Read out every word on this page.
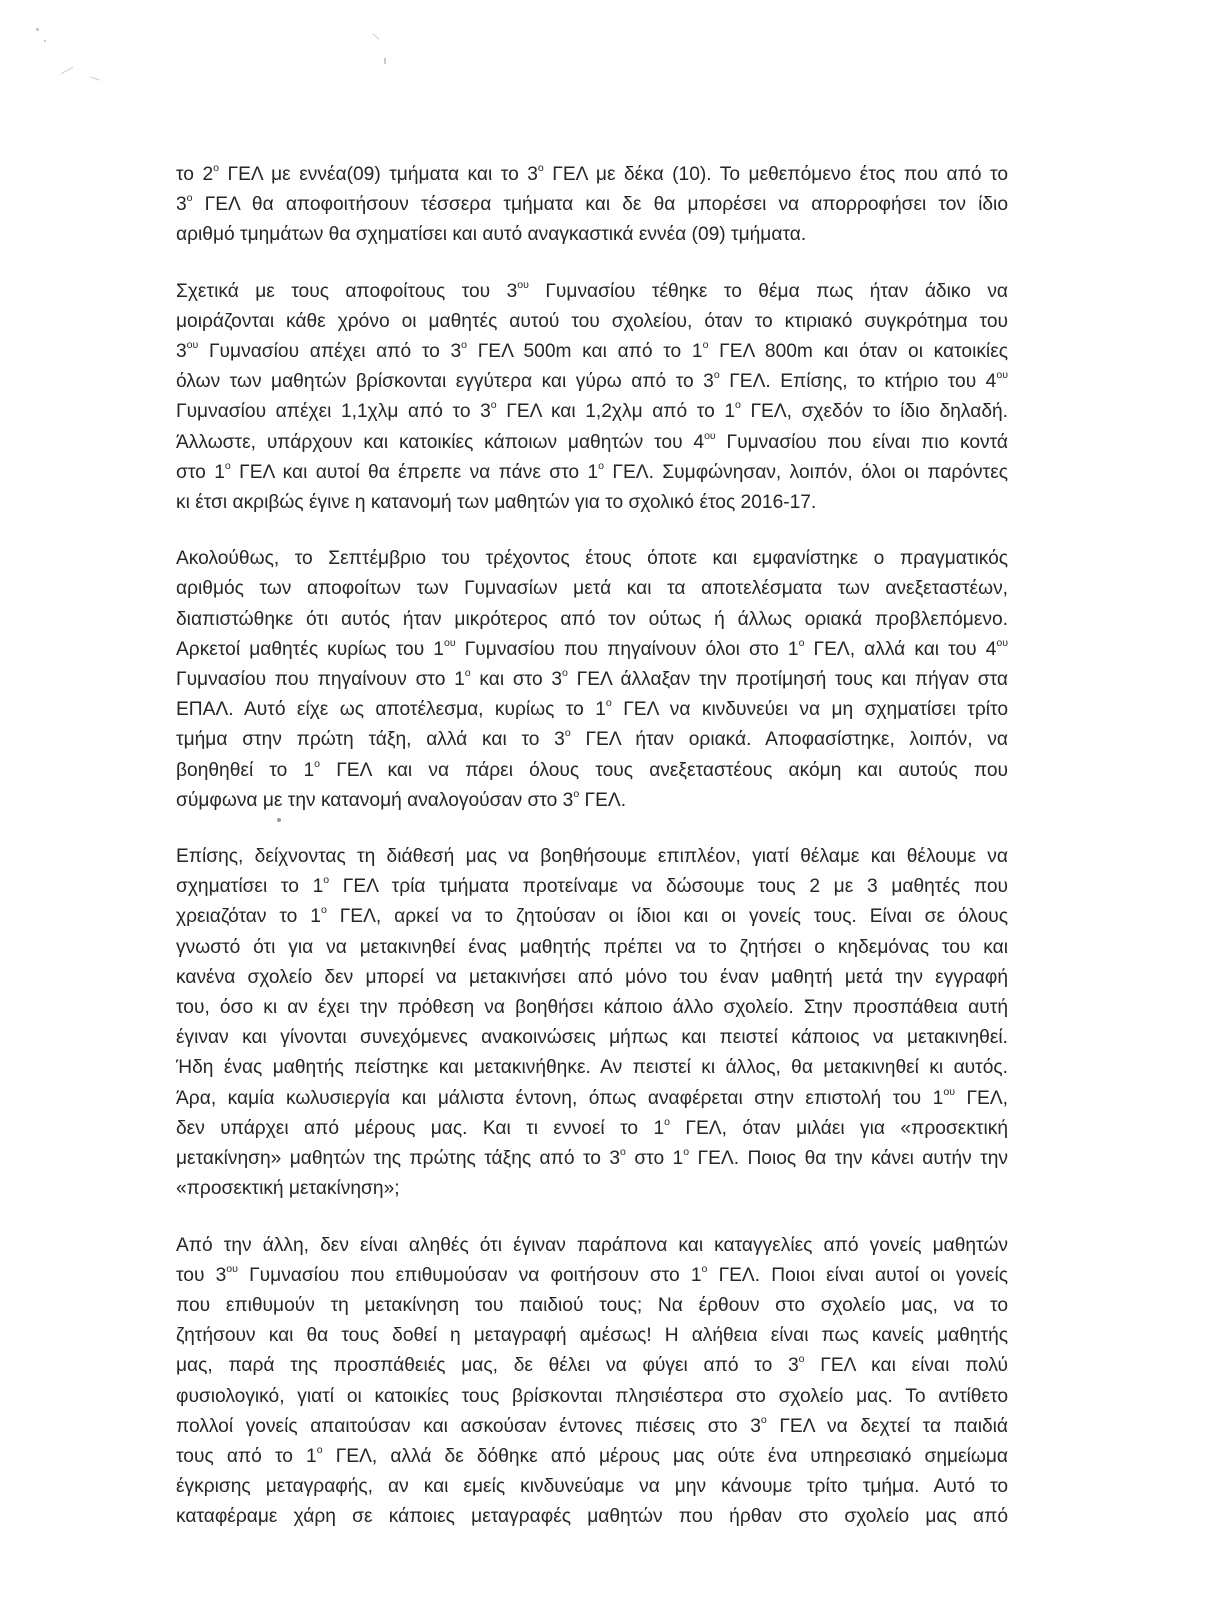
το $2^o$ ΓΕΛ με εννέα(09) τμήματα και το $3^o$ ΓΕΛ με δέκα (10). Το μεθεπόμενο έτος που από το
$3^o$ ΓΕΛ θα αποφοιτήσουν τέσσερα τμήματα και δε θα μπορέσει να απορροφήσει τον ίδιο
αριθμό τμημάτων θα σχηματίσει και αυτό αναγκαστικά εννέα (09) τμήματα.

Σχετικά με τους αποφοίτους του $3^{o\upsilon}$ Γυμνασίου τέθηκε το θέμα πως ήταν άδικο να
μοιράζονται κάθε χρόνο οι μαθητές αυτού του σχολείου, όταν το κτιριακό συγκρότημα του
$3^{o\upsilon}$ Γυμνασίου απέχει από το $3^o$ ΓΕΛ 500m και από το $1^o$ ΓΕΛ 800m και όταν οι κατοικίες
όλων των μαθητών βρίσκονται εγγύτερα και γύρω από το $3^o$ ΓΕΛ. Επίσης, το κτήριο του $4^{o\upsilon}$
Γυμνασίου απέχει 1,1χλμ από το $3^o$ ΓΕΛ και 1,2χλμ από το $1^o$ ΓΕΛ, σχεδόν το ίδιο δηλαδή.
Άλλωστε, υπάρχουν και κατοικίες κάποιων μαθητών του $4^{o\upsilon}$ Γυμνασίου που είναι πιο κοντά
στο $1^o$ ΓΕΛ και αυτοί θα έπρεπε να πάνε στο $1^o$ ΓΕΛ. Συμφώνησαν, λοιπόν, όλοι οι παρόντες
κι έτσι ακριβώς έγινε η κατανομή των μαθητών για το σχολικό έτος 2016-17.

Ακολούθως, το Σεπτέμβριο του τρέχοντος έτους όποτε και εμφανίστηκε ο πραγματικός
αριθμός των αποφοίτων των Γυμνασίων μετά και τα αποτελέσματα των ανεξεταστέων,
διαπιστώθηκε ότι αυτός ήταν μικρότερος από τον ούτως ή άλλως οριακά προβλεπόμενο.
Αρκετοί μαθητές κυρίως του $1^{o\upsilon}$ Γυμνασίου που πηγαίνουν όλοι στο $1^o$ ΓΕΛ, αλλά και του $4^{o\upsilon}$
Γυμνασίου που πηγαίνουν στο $1^o$ και στο $3^o$ ΓΕΛ άλλαξαν την προτίμησή τους και πήγαν στα
ΕΠΑΛ. Αυτό είχε ως αποτέλεσμα, κυρίως το $1^o$ ΓΕΛ να κινδυνεύει να μη σχηματίσει τρίτο
τμήμα στην πρώτη τάξη, αλλά και το $3^o$ ΓΕΛ ήταν οριακά. Αποφασίστηκε, λοιπόν, να
βοηθηθεί το $1^o$ ΓΕΛ και να πάρει όλους τους ανεξεταστέους ακόμη και αυτούς που
σύμφωνα με την κατανομή αναλογούσαν στο $3^o$ ΓΕΛ.

Επίσης, δείχνοντας τη διάθεσή μας να βοηθήσουμε επιπλέον, γιατί θέλαμε και θέλουμε να
σχηματίσει το $1^o$ ΓΕΛ τρία τμήματα προτείναμε να δώσουμε τους 2 με 3 μαθητές που
χρειαζόταν το $1^o$ ΓΕΛ, αρκεί να το ζητούσαν οι ίδιοι και οι γονείς τους. Είναι σε όλους
γνωστό ότι για να μετακινηθεί ένας μαθητής πρέπει να το ζητήσει ο κηδεμόνας του και
κανένα σχολείο δεν μπορεί να μετακινήσει από μόνο του έναν μαθητή μετά την εγγραφή
του, όσο κι αν έχει την πρόθεση να βοηθήσει κάποιο άλλο σχολείο. Στην προσπάθεια αυτή
έγιναν και γίνονται συνεχόμενες ανακοινώσεις μήπως και πειστεί κάποιος να μετακινηθεί.
Ήδη ένας μαθητής πείστηκε και μετακινήθηκε. Αν πειστεί κι άλλος, θα μετακινηθεί κι αυτός.
Άρα, καμία κωλυσιεργία και μάλιστα έντονη, όπως αναφέρεται στην επιστολή του $1^{o\upsilon}$ ΓΕΛ,
δεν υπάρχει από μέρους μας. Και τι εννοεί το $1^o$ ΓΕΛ, όταν μιλάει για «προσεκτική
μετακίνηση» μαθητών της πρώτης τάξης από το $3^o$ στο $1^o$ ΓΕΛ. Ποιος θα την κάνει αυτήν την
«προσεκτική μετακίνηση»;

Από την άλλη, δεν είναι αληθές ότι έγιναν παράπονα και καταγγελίες από γονείς μαθητών
του $3^{o\upsilon}$ Γυμνασίου που επιθυμούσαν να φοιτήσουν στο $1^o$ ΓΕΛ. Ποιοι είναι αυτοί οι γονείς
που επιθυμούν τη μετακίνηση του παιδιού τους; Να έρθουν στο σχολείο μας, να το
ζητήσουν και θα τους δοθεί η μεταγραφή αμέσως! Η αλήθεια είναι πως κανείς μαθητής
μας, παρά της προσπάθειές μας, δε θέλει να φύγει από το $3^o$ ΓΕΛ και είναι πολύ
φυσιολογικό, γιατί οι κατοικίες τους βρίσκονται πλησιέστερα στο σχολείο μας. Το αντίθετο
πολλοί γονείς απαιτούσαν και ασκούσαν έντονες πιέσεις στο $3^o$ ΓΕΛ να δεχτεί τα παιδιά
τους από το $1^o$ ΓΕΛ, αλλά δε δόθηκε από μέρους μας ούτε ένα υπηρεσιακό σημείωμα
έγκρισης μεταγραφής, αν και εμείς κινδυνεύαμε να μην κάνουμε τρίτο τμήμα. Αυτό το
καταφέραμε χάρη σε κάποιες μεταγραφές μαθητών που ήρθαν στο σχολείο μας από
